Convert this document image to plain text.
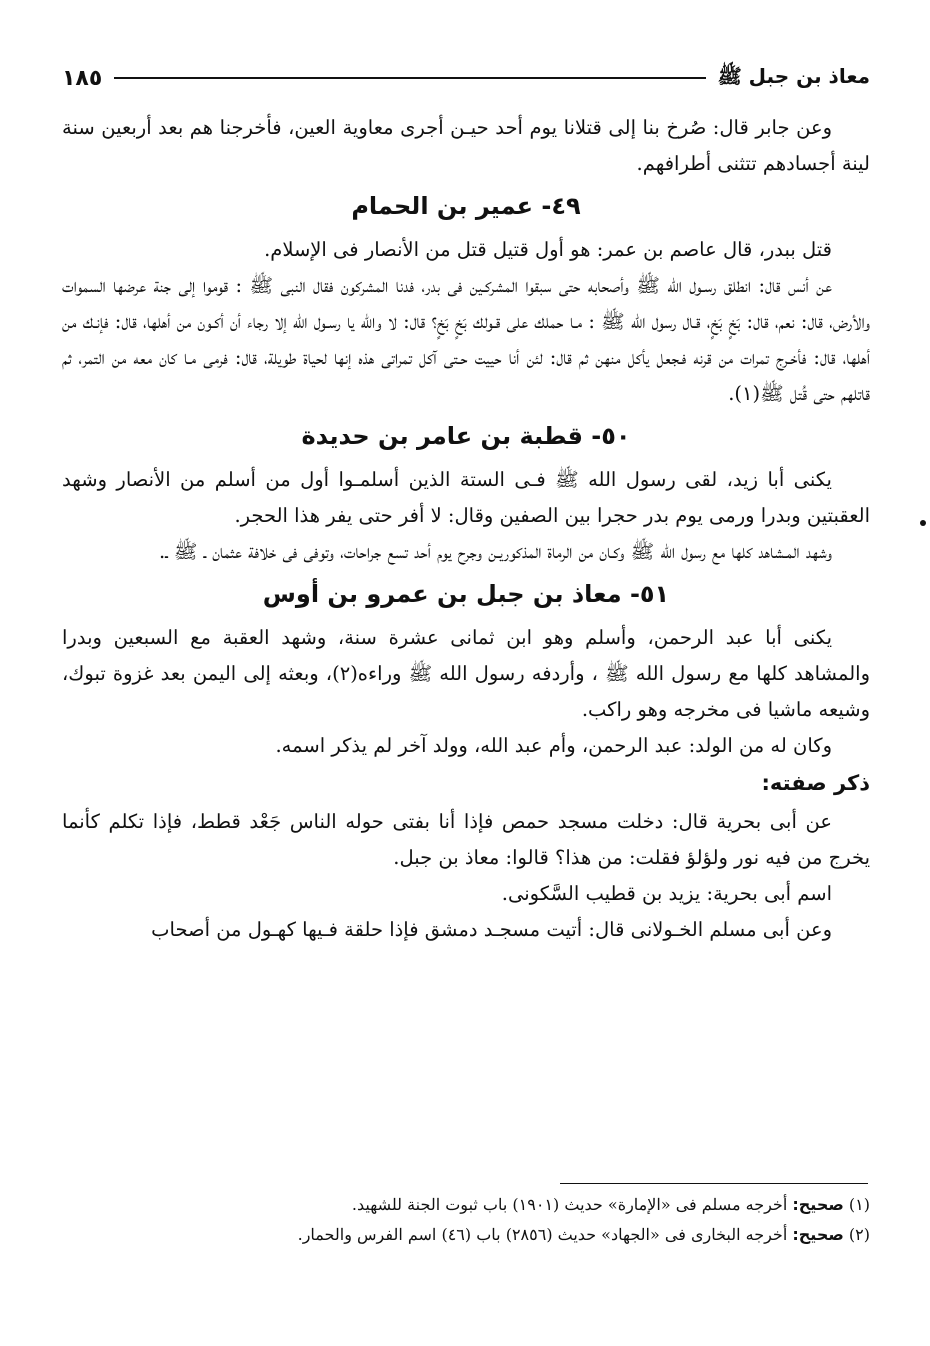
معاذ بن جبل ﷺ
١٨٥

وعن جابر قال: صُرخ بنا إلى قتلانا يوم أحد حيـن أجرى معاوية العين، فأخرجنا هم بعد أربعين سنة لينة أجسادهم تتثنى أطرافهم.

٤٩- عمير بن الحمام

قتل ببدر، قال عاصم بن عمر: هو أول قتيل قتل من الأنصار فى الإسلام.

عن أنس قال: انطلق رسـول الله ﷺ وأصحابه حتى سبقوا المشركـين فى بدر، فدنا المشركون فقال النبى ﷺ : قوموا إلى جنة عرضها السموات والأرض، قال: نعم، قال: بَخٍ بَخٍ، قـال رسول الله ﷺ : مـا حملك على قـولك بَخٍ بَخٍ؟ قال: لا والله يا رسـول الله إلا رجاء أن أكـون من أهلها، قال: فإنـك من أهلها، قال: فأخـرج تمرات من قرنه فـجعل يأكل منهن ثم قال: لئن أنا حييت حـتى آكل تمراتى هذه إنها لحياة طويلة، قال: فرمى مـا كان معه من التمر، ثم قاتلهم حتى قُتل ﷺ(١).

٥٠- قطبة بن عامر بن حديدة

يكنى أبا زيد، لقى رسول الله ﷺ فـى الستة الذين أسلمـوا أول من أسلم من الأنصار وشهد العقبتين وبدرا ورمى يوم بدر حجرا بين الصفين وقال: لا أفر حتى يفر هذا الحجر.

وشهد المـشاهد كلها مع رسول الله ﷺ وكـان من الرماة المذكوريـن وجرح يوم أحد تسع جراحات، وتوفى فى خلافة عثمان ـ ﷺ ـ.

٥١- معاذ بن جبل بن عمرو بن أوس

يكنى أبا عبد الرحمن، وأسلم وهو ابن ثمانى عشرة سنة، وشهد العقبة مع السبعين وبدرا والمشاهد كلها مع رسول الله ﷺ ، وأردفه رسول الله ﷺ وراءه(٢)، وبعثه إلى اليمن بعد غزوة تبوك، وشيعه ماشيا فى مخرجه وهو راكب.

وكان له من الولد: عبد الرحمن، وأم عبد الله، وولد آخر لم يذكر اسمه.

ذكر صفته:

عن أبى بحرية قال: دخلت مسجد حمص فإذا أنا بفتى حوله الناس جَعْد قطط، فإذا تكلم كأنما يخرج من فيه نور ولؤلؤ فقلت: من هذا؟ قالوا: معاذ بن جبل.

اسم أبى بحرية: يزيد بن قطيب السَّكونى.

وعن أبى مسلم الخـولانى قال: أتيت مسجـد دمشق فإذا حلقة فـيها كهـول من أصحاب

(١) صحيح: أخرجه مسلم فى «الإمارة» حديث (١٩٠١) باب ثبوت الجنة للشهيد.

(٢) صحيح: أخرجه البخارى فى «الجهاد» حديث (٢٨٥٦) باب (٤٦) اسم الفرس والحمار.
